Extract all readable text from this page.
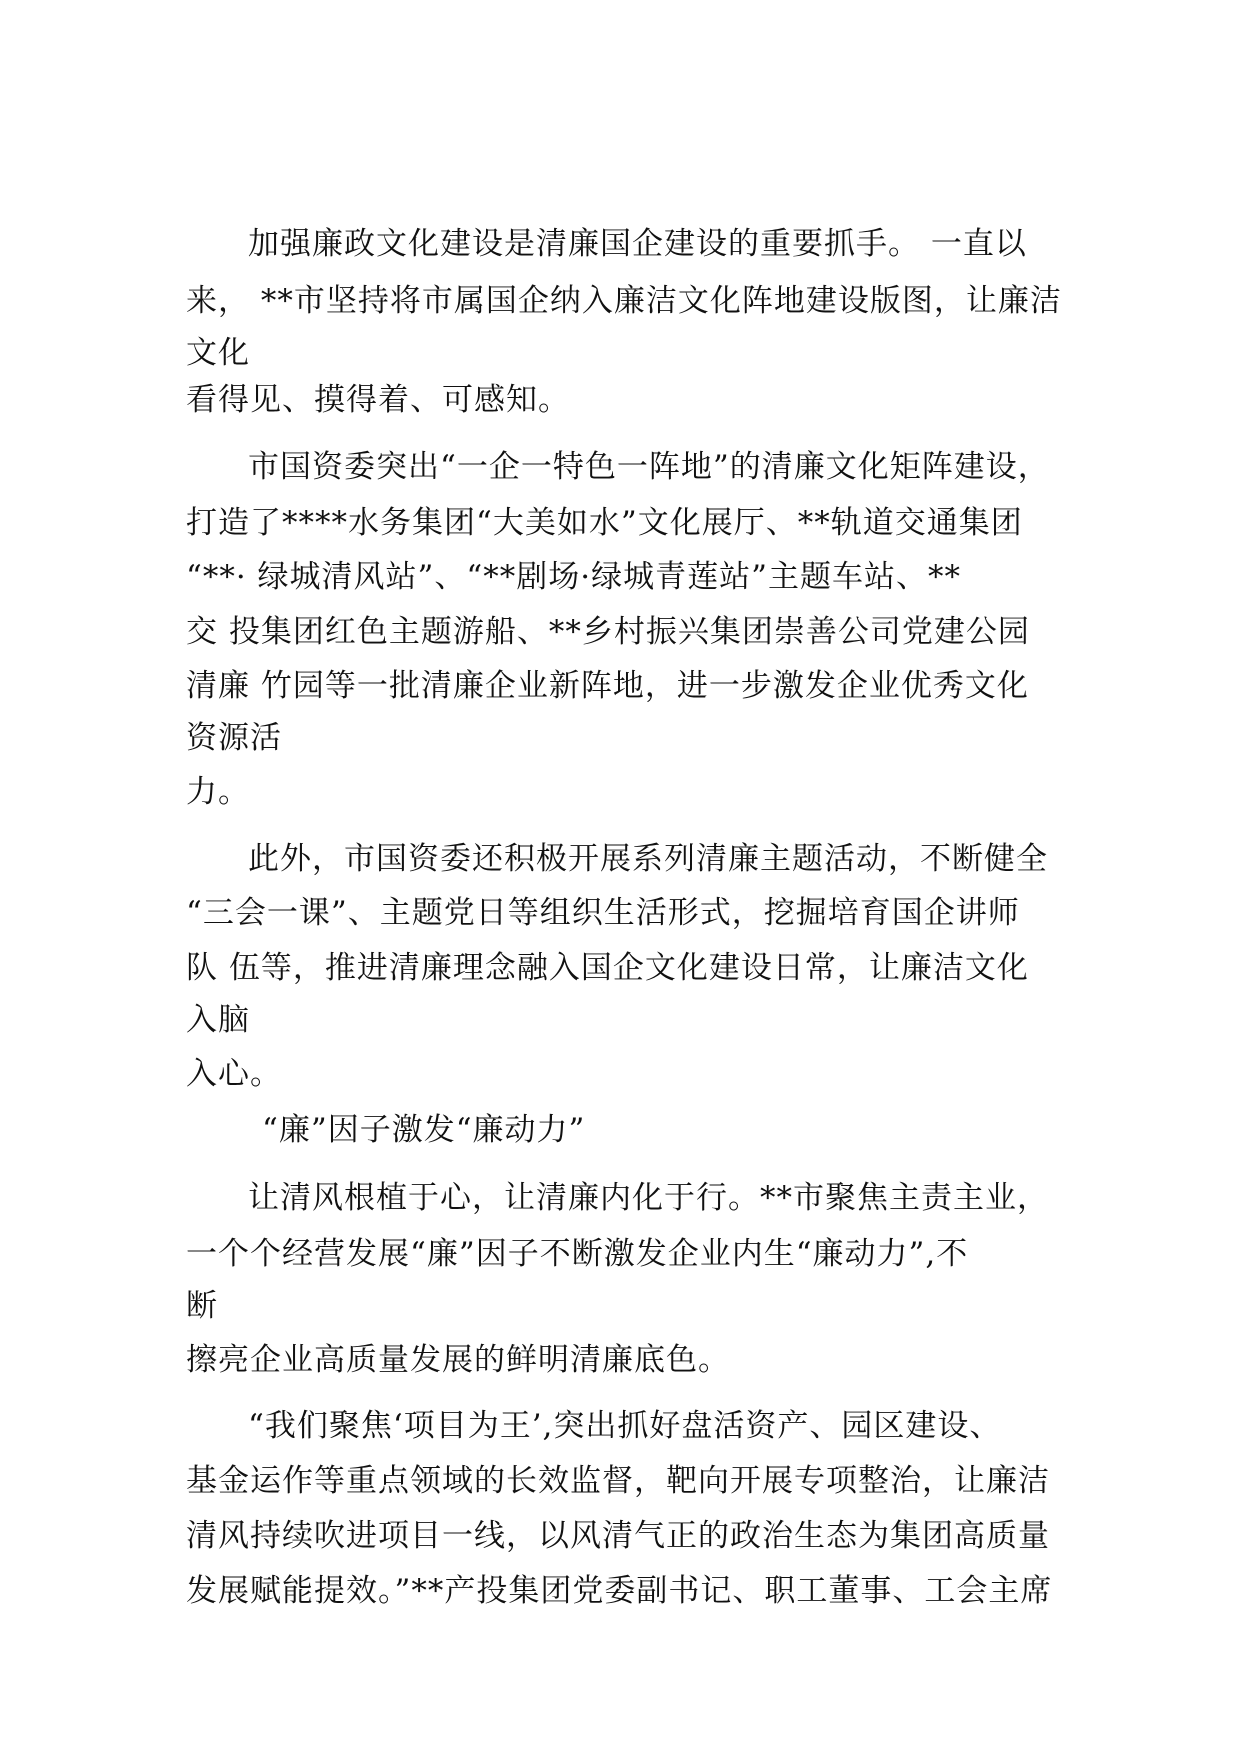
加强廉政文化建设是清廉国企建设的重要抓手。 一直以
来， **市坚持将市属国企纳入廉洁文化阵地建设版图，让廉洁
文化
看得见、摸得着、可感知。
市国资委突出“一企一特色一阵地”的清廉文化矩阵建设，
打造了****水务集团“大美如水”文化展厅、**轨道交通集团
“**· 绿城清风站”、“**剧场·绿城青莲站”主题车站、**
交 投集团红色主题游船、**乡村振兴集团崇善公司党建公园
清廉 竹园等一批清廉企业新阵地，进一步激发企业优秀文化
资源活
力。
此外，市国资委还积极开展系列清廉主题活动，不断健全
“三会一课”、主题党日等组织生活形式，挖掘培育国企讲师
队 伍等，推进清廉理念融入国企文化建设日常，让廉洁文化
入脑
入心。
“廉”因子激发“廉动力”
让清风根植于心，让清廉内化于行。**市聚焦主责主业，
一个个经营发展“廉”因子不断激发企业内生“廉动力”,不
断
擦亮企业高质量发展的鲜明清廉底色。
“我们聚焦‘项目为王’,突出抓好盘活资产、园区建设、
基金运作等重点领域的长效监督，靶向开展专项整治，让廉洁
清风持续吹进项目一线，以风清气正的政治生态为集团高质量
发展赋能提效。”**产投集团党委副书记、职工董事、工会主席
